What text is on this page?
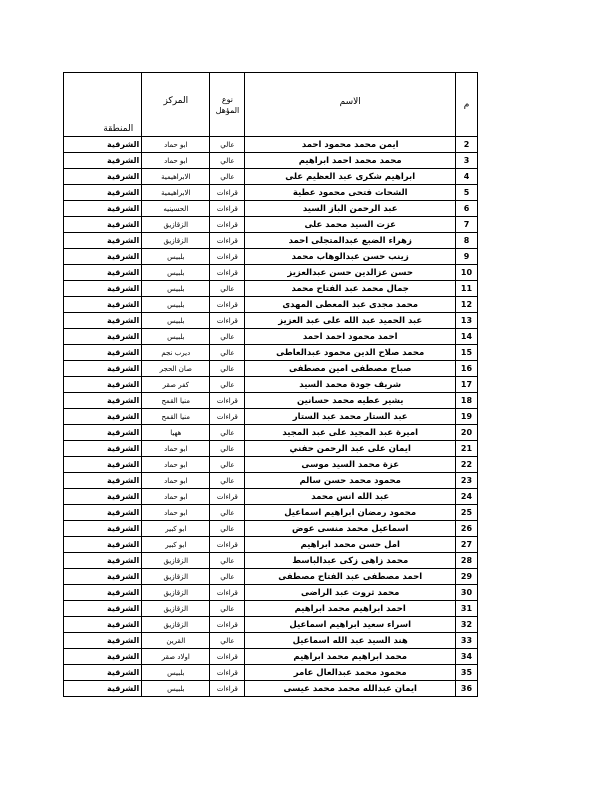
م	الاسم	نوع المؤهل	المركز	المنطقة
2	ايمن محمد محمود احمد	عالي	ابو حماد	الشرقية
3	محمد محمد احمد ابراهيم	عالي	ابو حماد	الشرقية
4	ابراهيم شكرى عبد العظيم على	عالي	الابراهيمية	الشرقية
5	الشحات فتحى محمود عطية	قراءات	الابراهيمية	الشرقية
6	عبد الرحمن الباز السيد	قراءات	الحسينيه	الشرقية
7	عزت السيد محمد على	قراءات	الزقازيق	الشرقية
8	زهراء الضبع عبدالمتجلى احمد	قراءات	الزقازيق	الشرقية
9	زينب حسن عبدالوهاب محمد	قراءات	بلبيس	الشرقية
10	حسن عزالدين حسن عبدالعزيز	قراءات	بلبيس	الشرقية
11	جمال محمد عبد الفتاح محمد	عالي	بلبيس	الشرقية
12	محمد مجدى عبد المعطى المهدى	قراءات	بلبيس	الشرقية
13	عبد الحميد عبد الله على عبد العزيز	قراءات	بلبيس	الشرقية
14	احمد محمود احمد احمد	عالي	بلبيس	الشرقية
15	محمد صلاح الدين محمود عبدالعاطى	عالي	ديرب نجم	الشرقية
16	صباح مصطفى امين مصطفى	عالي	صان الحجر	الشرقية
17	شريف جودة محمد السيد	عالي	كفر صقر	الشرقية
18	يشير عطيه محمد حسانين	قراءات	منيا القمح	الشرقية
19	عبد الستار محمد عبد الستار	قراءات	منيا القمح	الشرقية
20	اميرة عبد المجيد على عبد المجيد	عالي	ههيا	الشرقية
21	ايمان على عبد الرحمن حفني	عالي	ابو حماد	الشرقية
22	عزة محمد السيد موسى	عالي	ابو حماد	الشرقية
23	محمود محمد حسن سالم	عالي	ابو حماد	الشرقية
24	عبد الله انس محمد	قراءات	ابو حماد	الشرقية
25	محمود رمضان ابراهيم اسماعيل	عالي	ابو حماد	الشرقية
26	اسماعيل محمد منسى عوض	عالي	ابو كبير	الشرقية
27	امل حسن محمد ابراهيم	قراءات	ابو كبير	الشرقية
28	محمد زاهى زكى عبدالباسط	عالي	الزقازيق	الشرقية
29	احمد مصطفى عبد الفتاح مصطفى	عالي	الزقازيق	الشرقية
30	محمد ثروت عبد الراضى	قراءات	الزقازيق	الشرقية
31	احمد ابراهيم محمد ابراهيم	عالي	الزقازيق	الشرقية
32	اسراء سعيد ابراهيم اسماعيل	قراءات	الزقازيق	الشرقية
33	هند السيد عبد الله اسماعيل	عالي	القرين	الشرقية
34	محمد ابراهيم محمد ابراهيم	قراءات	اولاد صقر	الشرقية
35	محمود محمد عبدالعال عامر	قراءات	بلبيس	الشرقية
36	ايمان عبدالله محمد محمد عيسى	قراءات	بلبيس	الشرقية
